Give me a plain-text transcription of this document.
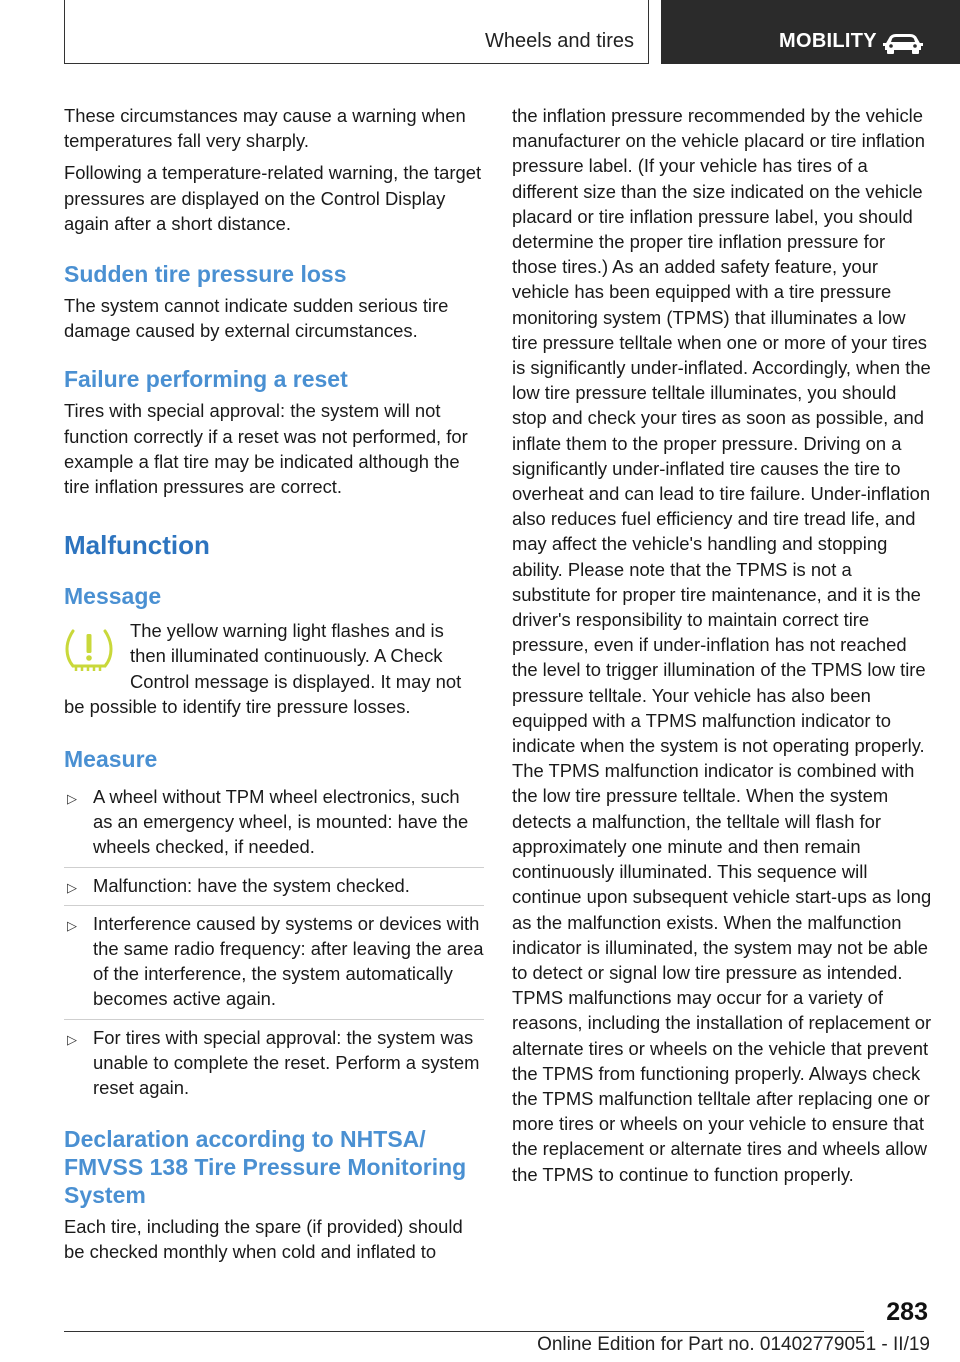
Wheels and tires	MOBILITY

These circumstances may cause a warning when temperatures fall very sharply.

Following a temperature-related warning, the target pressures are displayed on the Control Display again after a short distance.

Sudden tire pressure loss

The system cannot indicate sudden serious tire damage caused by external circumstances.

Failure performing a reset

Tires with special approval: the system will not function correctly if a reset was not performed, for example a flat tire may be indicated although the tire inflation pressures are correct.

Malfunction
Message

The yellow warning light flashes and is then illuminated continuously. A Check Control message is displayed. It may not

be possible to identify tire pressure losses.

Measure
▷ A wheel without TPM wheel electronics, such as an emergency wheel, is mounted: have the wheels checked, if needed.
▷ Malfunction: have the system checked.
▷ Interference caused by systems or devices with the same radio frequency: after leaving the area of the interference, the system automatically becomes active again.
▷ For tires with special approval: the system was unable to complete the reset. Perform a system reset again.
Declaration according to NHTSA/ FMVSS 138 Tire Pressure Monitoring System

Each tire, including the spare (if provided) should be checked monthly when cold and inflated to

the inflation pressure recommended by the vehicle manufacturer on the vehicle placard or tire inflation pressure label. (If your vehicle has tires of a different size than the size indicated on the vehicle placard or tire inflation pressure label, you should determine the proper tire inflation pressure for those tires.) As an added safety feature, your vehicle has been equipped with a tire pressure monitoring system (TPMS) that illuminates a low tire pressure telltale when one or more of your tires is significantly under-inflated. Accordingly, when the low tire pressure telltale illuminates, you should stop and check your tires as soon as possible, and inflate them to the proper pressure. Driving on a significantly under-inflated tire causes the tire to overheat and can lead to tire failure. Under-inflation also reduces fuel efficiency and tire tread life, and may affect the vehicle's handling and stopping ability. Please note that the TPMS is not a substitute for proper tire maintenance, and it is the driver's responsibility to maintain correct tire pressure, even if under-inflation has not reached the level to trigger illumination of the TPMS low tire pressure telltale. Your vehicle has also been equipped with a TPMS malfunction indicator to indicate when the system is not operating properly. The TPMS malfunction indicator is combined with the low tire pressure telltale. When the system detects a malfunction, the telltale will flash for approximately one minute and then remain continuously illuminated. This sequence will continue upon subsequent vehicle start-ups as long as the malfunction exists. When the malfunction indicator is illuminated, the system may not be able to detect or signal low tire pressure as intended. TPMS malfunctions may occur for a variety of reasons, including the installation of replacement or alternate tires or wheels on the vehicle that prevent the TPMS from functioning properly. Always check the TPMS malfunction telltale after replacing one or more tires or wheels on your vehicle to ensure that the replacement or alternate tires and wheels allow the TPMS to continue to function properly.

283
Online Edition for Part no. 01402779051 - II/19
